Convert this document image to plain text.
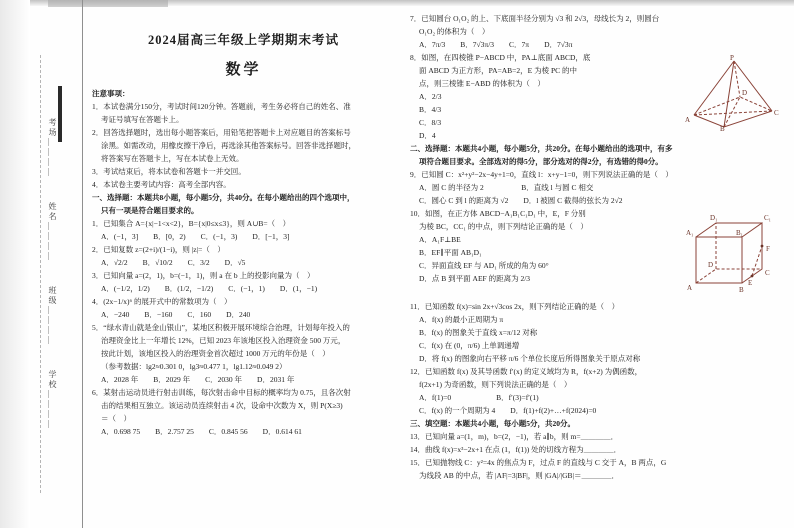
考场＿＿＿＿
姓名＿＿＿＿
班级＿＿＿＿
学校＿＿＿＿
2024届高三年级上学期期末考试
数学
注意事项：
1．本试卷满分150分，考试时间120分钟。答题前，考生务必将自己的姓名、准
考证号填写在答题卡上。
2．回答选择题时，选出每小题答案后，用铅笔把答题卡上对应题目的答案标号
涂黑。如需改动，用橡皮擦干净后，再选涂其他答案标号。回答非选择题时，
将答案写在答题卡上，写在本试卷上无效。
3．考试结束后，将本试卷和答题卡一并交回。
4．本试卷主要考试内容：高考全部内容。
一、选择题：本题共8小题，每小题5分，共40分。在每小题给出的四个选项中，
只有一项是符合题目要求的。
1．已知集合 A={x|−1<x<2}，B={x|0≤x≤3}，则 A∪B=（　）
A．(−1，3]　　B．[0，2)　　C．(−1，3)　　D．[−1，3]
2．已知复数 z=(2+i)/(1−i)，则 |z|=（　）
A．√2/2　　B．√10/2　　C．3/2　　D．√5
3．已知向量 a=(2，1)，b=(−1，1)，则 a 在 b 上的投影向量为（　）
A．(−1/2，1/2)　　B．(1/2，−1/2)　　C．(−1，1)　　D．(1，−1)
4．(2x−1/x)⁶ 的展开式中的常数项为（　）
A．−240　　B．−160　　C．160　　D．240
5．“绿水青山就是金山银山”，某地区积极开展环境综合治理，计划每年投入的
治理资金比上一年增长 12%，已知 2023 年该地区投入治理资金 500 万元，
按此计划，该地区投入的治理资金首次超过 1000 万元的年份是（　）
（参考数据：lg2≈0.301 0，lg3≈0.477 1，lg1.12≈0.049 2）
A．2028 年　　B．2029 年　　C．2030 年　　D．2031 年
6．某射击运动员进行射击训练，每次射击命中目标的概率均为 0.75，且各次射
击的结果相互独立。该运动员连续射击 4 次，设命中次数为 X，则 P(X≥3)
＝（　）
A．0.698 75　　B．2.757 25　　C．0.845 56　　D．0.614 61
7．已知圆台 O₁O₂ 的上、下底面半径分别为 √3 和 2√3，母线长为 2，则圆台
O₁O₂ 的体积为（　）
A．7π/3　　B．7√3π/3　　C．7π　　D．7√3π
8．如图，在四棱锥 P−ABCD 中，PA⊥底面 ABCD，底
面 ABCD 为正方形，PA=AB=2，E 为棱 PC 的中
点，则三棱锥 E−ABD 的体积为（　）
A．2/3
B．4/3
C．8/3
D．4
P
A
B
C
D
二、选择题：本题共4小题，每小题5分，共20分。在每小题给出的选项中，有多
项符合题目要求。全部选对的得5分，部分选对的得2分，有选错的得0分。
9．已知圆 C：x²+y²−2x−4y+1=0，直线 l：x+y−1=0，则下列说法正确的是（　）
A．圆 C 的半径为 2　　　　　B．直线 l 与圆 C 相交
C．圆心 C 到 l 的距离为 √2　　D．l 被圆 C 截得的弦长为 2√2
10．如图，在正方体 ABCD−A₁B₁C₁D₁ 中，E，F 分别
为棱 BC，CC₁ 的中点，则下列结论正确的是（　）
A．A₁F⊥BE
B．EF∥平面 AB₁D₁
C．异面直线 EF 与 AD₁ 所成的角为 60°
D．点 B 到平面 AEF 的距离为 2/3
A	B
C
D
A₁	B₁
C₁
D₁
E
F
11．已知函数 f(x)=sin 2x+√3cos 2x，则下列结论正确的是（　）
A．f(x) 的最小正周期为 π
B．f(x) 的图象关于直线 x=π/12 对称
C．f(x) 在 (0，π/6) 上单调递增
D．将 f(x) 的图象向右平移 π/6 个单位长度后所得图象关于原点对称
12．已知函数 f(x) 及其导函数 f′(x) 的定义域均为 R，f(x+2) 为偶函数，
f(2x+1) 为奇函数，则下列说法正确的是（　）
A．f(1)=0　　　　　　B．f′(3)=f′(1)
C．f(x) 的一个周期为 4　　D．f(1)+f(2)+…+f(2024)=0
三、填空题：本题共4小题，每小题5分，共20分。
13．已知向量 a=(1，m)，b=(2，−1)，若 a∥b，则 m=＿＿＿＿．
14．曲线 f(x)=x³−2x+1 在点 (1，f(1)) 处的切线方程为＿＿＿＿．
15．已知抛物线 C：y²=4x 的焦点为 F，过点 F 的直线与 C 交于 A，B 两点，G
为线段 AB 的中点，若 |AF|=3|BF|，则 |GA|/|GB|＝＿＿＿＿．
